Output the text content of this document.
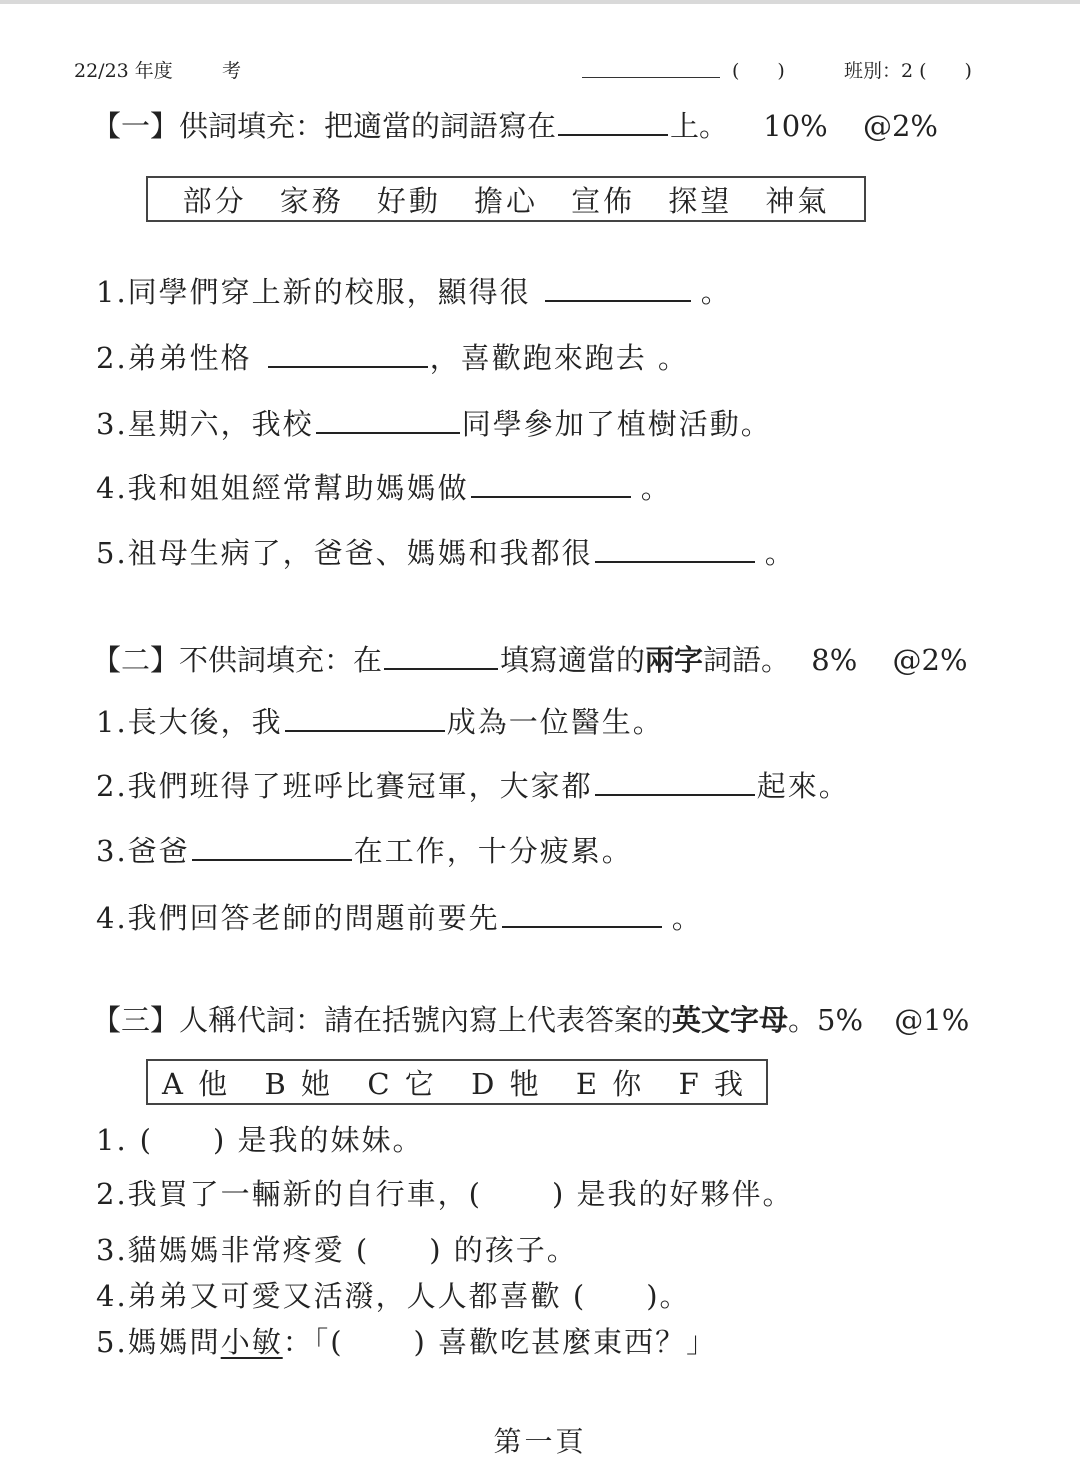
22/23 年度	考	(　　)	班別：2 (　　)
【一】供詞填充：把適當的詞語寫在	上。 10% @2%
部分 家務 好動 擔心 宣佈 探望 神氣
1.同學們穿上新的校服，顯得很	。
2.弟弟性格	，喜歡跑來跑去 。
3.星期六，我校	同學參加了植樹活動。
4.我和姐姐經常幫助媽媽做	。
5.祖母生病了，爸爸、媽媽和我都很	。
【二】不供詞填充：在	填寫適當的兩字詞語。 8% @2%
1.長大後，我	成為一位醫生。
2.我們班得了班呼比賽冠軍，大家都	起來。
3.爸爸	在工作，十分疲累。
4.我們回答老師的問題前要先	。
【三】人稱代詞：請在括號內寫上代表答案的英文字母。5% @1%
A 他 B 她 C 它 D 牠 E 你 F 我
1. ( ) 是我的妹妹。
2.我買了一輛新的自行車，( ) 是我的好夥伴。
3.貓媽媽非常疼愛 ( ) 的孩子。
4.弟弟又可愛又活潑，人人都喜歡 ( )。
5.媽媽問小敏：「( ) 喜歡吃甚麼東西？」
第一頁
